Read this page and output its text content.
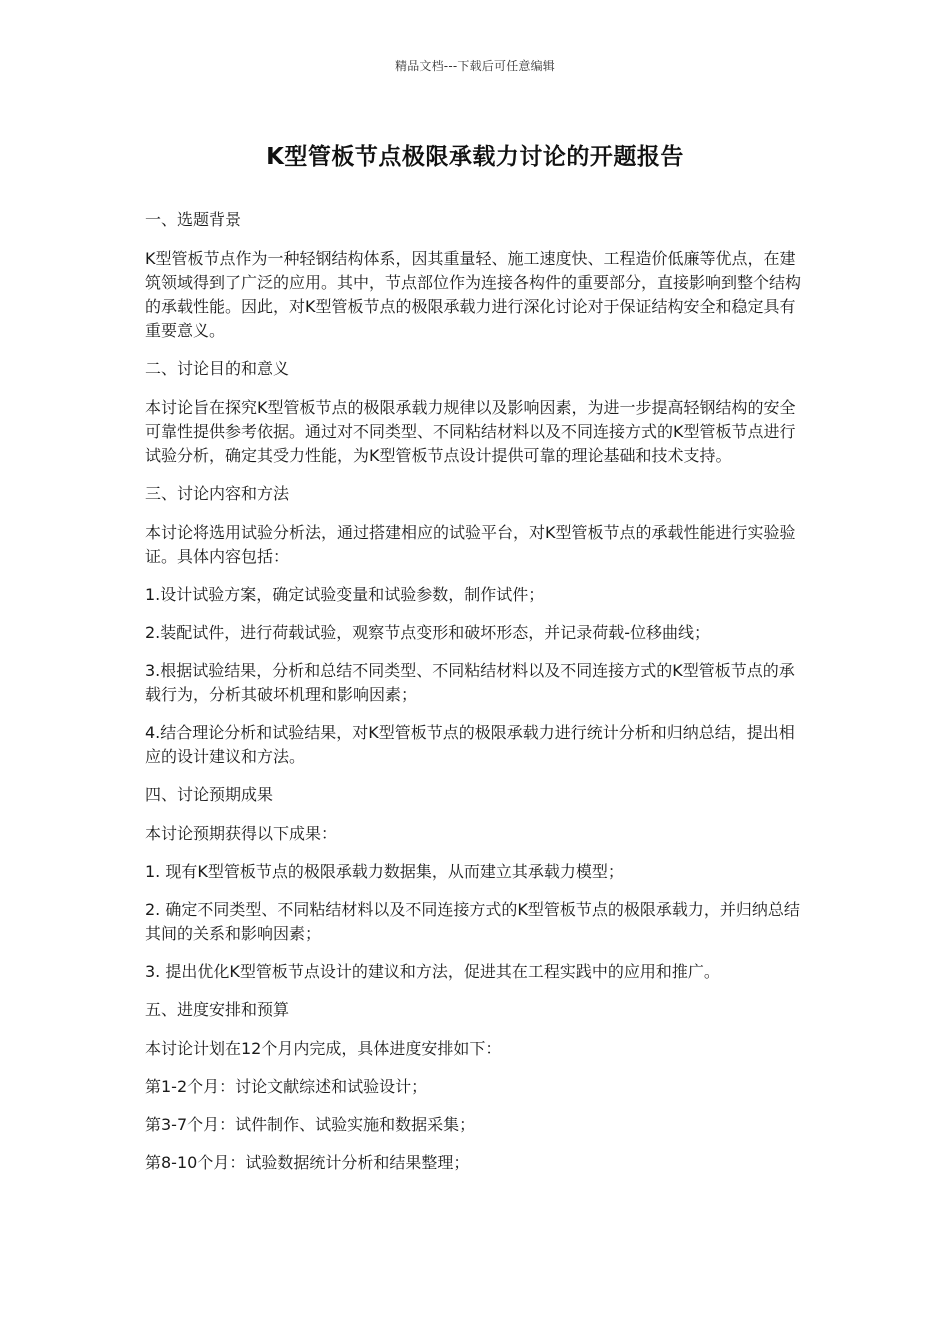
精品文档---下载后可任意编辑
K型管板节点极限承载力讨论的开题报告

一、选题背景

K型管板节点作为一种轻钢结构体系，因其重量轻、施工速度快、工程造价低廉等优点，在建筑领域得到了广泛的应用。其中，节点部位作为连接各构件的重要部分，直接影响到整个结构的承载性能。因此，对K型管板节点的极限承载力进行深化讨论对于保证结构安全和稳定具有重要意义。

二、讨论目的和意义

本讨论旨在探究K型管板节点的极限承载力规律以及影响因素，为进一步提高轻钢结构的安全可靠性提供参考依据。通过对不同类型、不同粘结材料以及不同连接方式的K型管板节点进行试验分析，确定其受力性能，为K型管板节点设计提供可靠的理论基础和技术支持。

三、讨论内容和方法

本讨论将选用试验分析法，通过搭建相应的试验平台，对K型管板节点的承载性能进行实验验证。具体内容包括：

1.设计试验方案，确定试验变量和试验参数，制作试件；

2.装配试件，进行荷载试验，观察节点变形和破坏形态，并记录荷载-位移曲线；

3.根据试验结果，分析和总结不同类型、不同粘结材料以及不同连接方式的K型管板节点的承载行为，分析其破坏机理和影响因素；

4.结合理论分析和试验结果，对K型管板节点的极限承载力进行统计分析和归纳总结，提出相应的设计建议和方法。

四、讨论预期成果

本讨论预期获得以下成果：

1. 现有K型管板节点的极限承载力数据集，从而建立其承载力模型；

2. 确定不同类型、不同粘结材料以及不同连接方式的K型管板节点的极限承载力，并归纳总结其间的关系和影响因素；

3. 提出优化K型管板节点设计的建议和方法，促进其在工程实践中的应用和推广。

五、进度安排和预算

本讨论计划在12个月内完成，具体进度安排如下：

第1-2个月：讨论文献综述和试验设计；

第3-7个月：试件制作、试验实施和数据采集；

第8-10个月：试验数据统计分析和结果整理；
